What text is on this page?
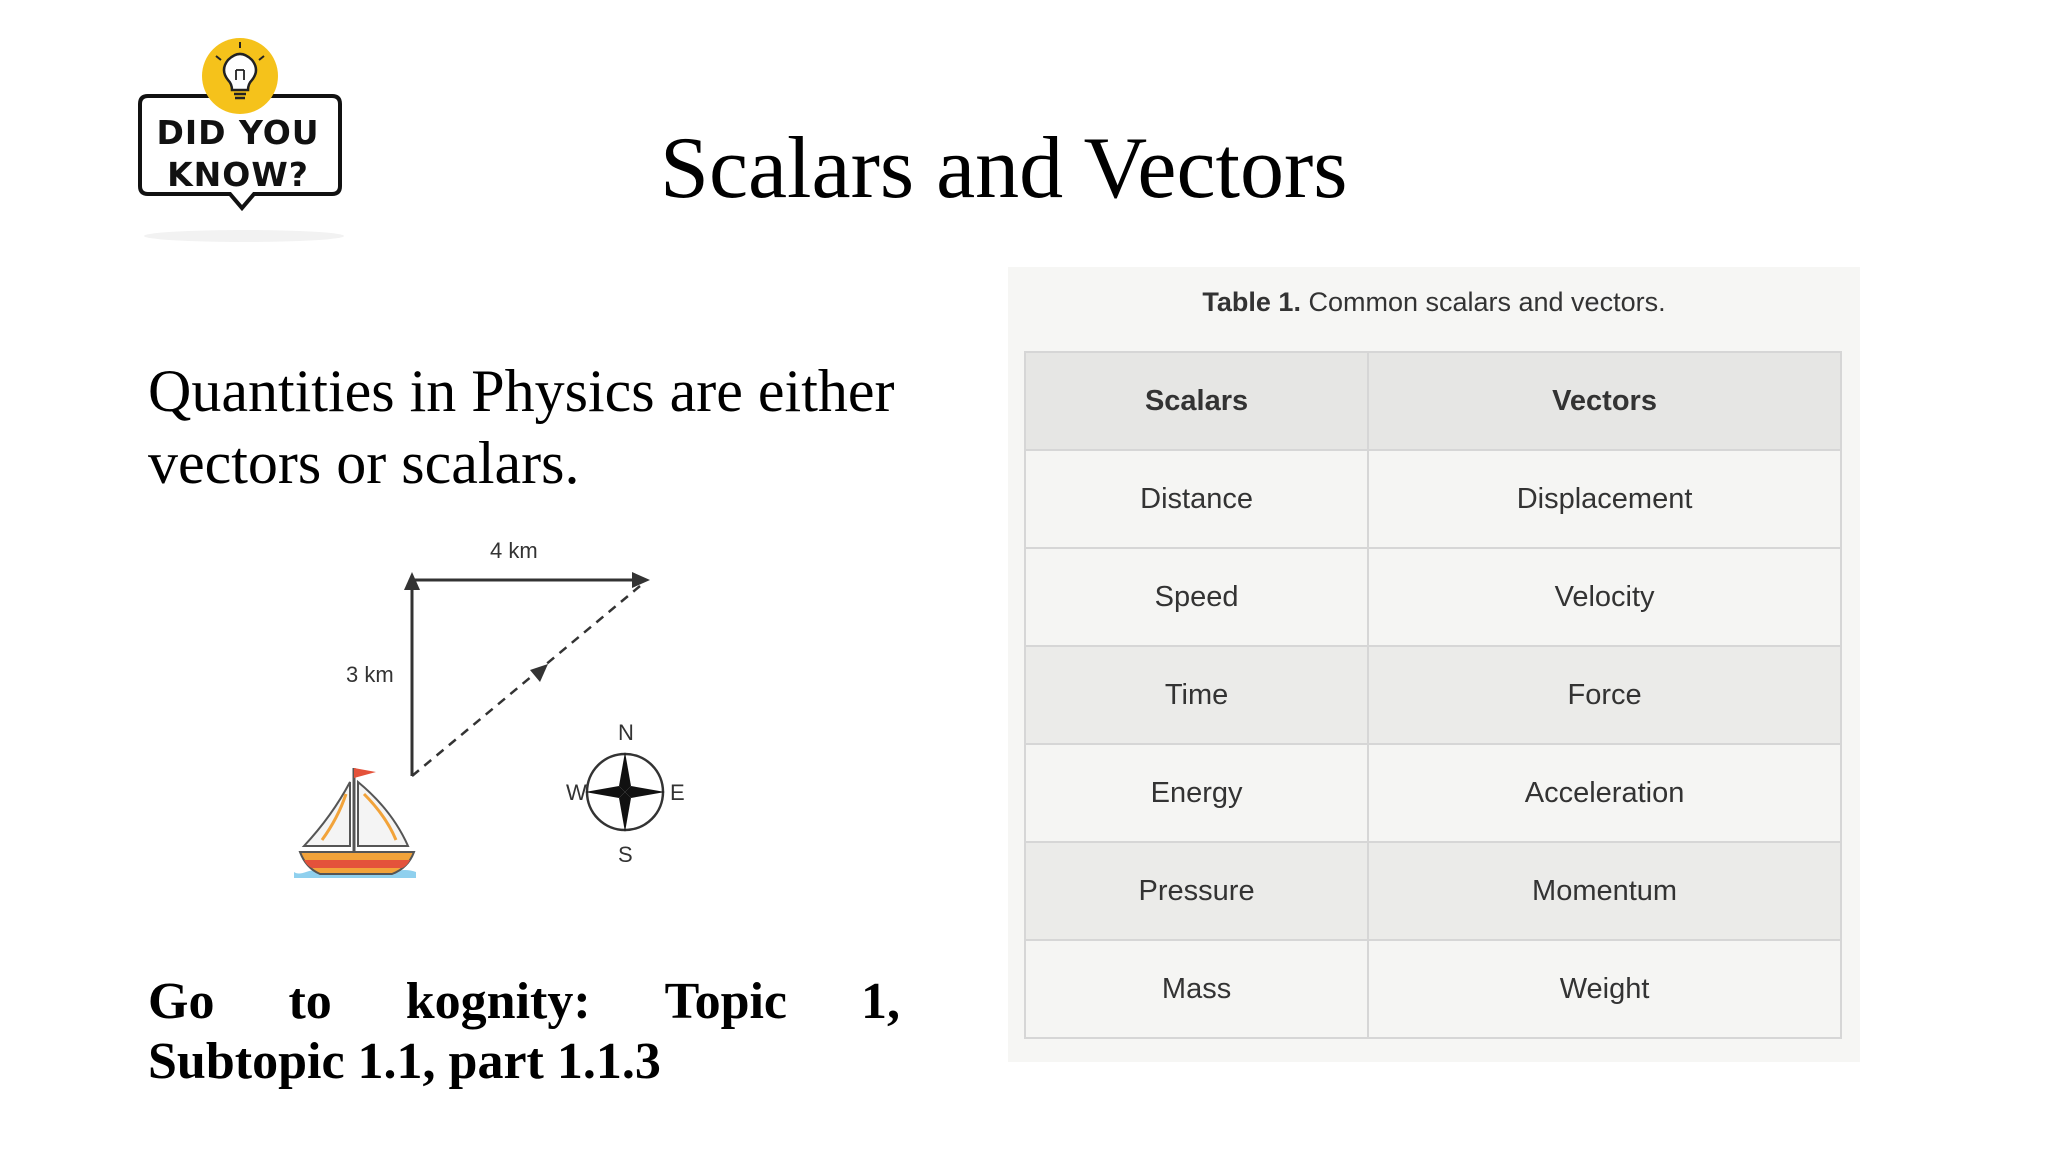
DID YOU
KNOW?	Scalars and Vectors
Quantities in Physics are either vectors or scalars.
4 km
3 km
N
S
E
W
Go to kognity: Topic 1,
Subtopic 1.1, part 1.1.3
Table 1. Common scalars and vectors.
Scalars	Vectors
Distance	Displacement
Speed	Velocity
Time	Force
Energy	Acceleration
Pressure	Momentum
Mass	Weight
